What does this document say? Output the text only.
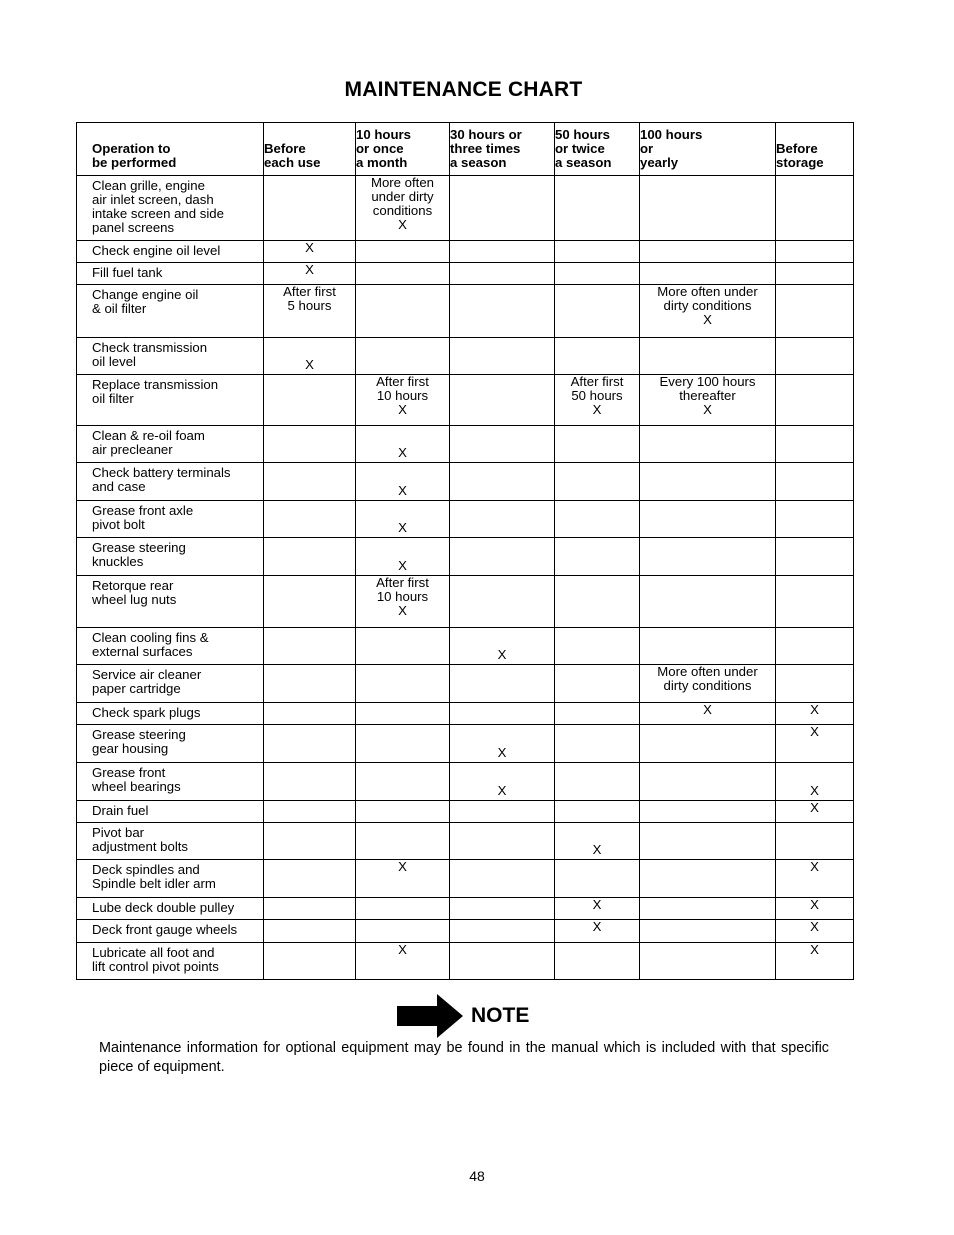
MAINTENANCE CHART
Operation to
be performed	Before
each use	10 hours
or once
a month	30 hours or
three times
a season	50 hours
or twice
a season	100 hours
or
yearly	Before
storage
Clean grille, engine
air inlet screen, dash
intake screen and side
panel screens		More often
under dirty
conditions
X				
Check engine oil level	X					
Fill fuel tank	X					
Change engine oil
& oil filter	After first
5 hours				More often under
dirty conditions
X	
Check transmission
oil level	X					
Replace transmission
oil filter		After first
10 hours
X		After first
50 hours
X	Every 100 hours
thereafter
X	
Clean & re-oil foam
air precleaner		X				
Check battery terminals
and case		X				
Grease front axle
pivot bolt		X				
Grease steering
knuckles		X				
Retorque rear
wheel lug nuts		After first
10 hours
X				
Clean cooling fins &
external surfaces			X			
Service air cleaner
paper cartridge					More often under
dirty conditions	
Check spark plugs					X	X
Grease steering
gear housing			X			X
Grease front
wheel bearings			X			X
Drain fuel						X
Pivot bar
adjustment bolts				X		
Deck spindles and
Spindle belt idler arm		X				X
Lube deck double pulley				X		X
Deck front gauge wheels				X		X
Lubricate all foot and
lift control pivot points		X				X
NOTE
Maintenance information for optional equipment may be found in the manual which is included with that specific piece of equipment.
48
